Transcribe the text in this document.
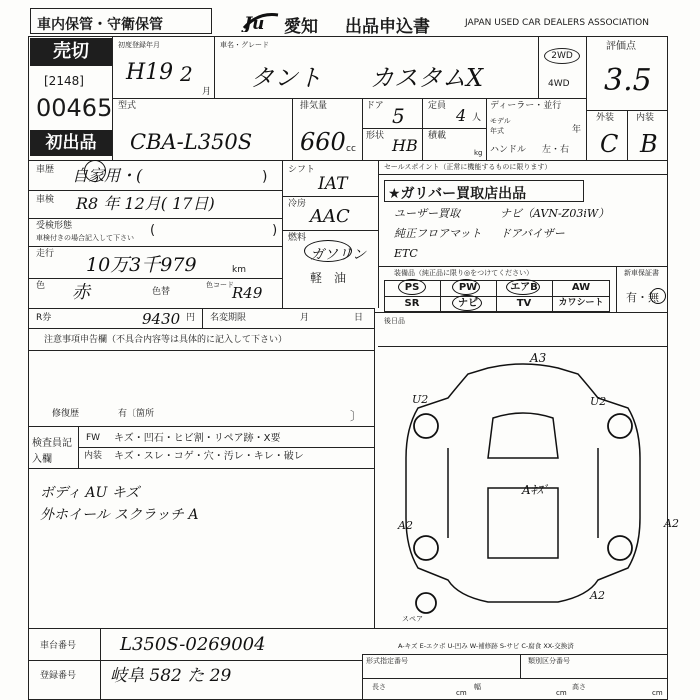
車内保管・守衛保管	Ju 愛知 出品申込書	JAPAN USED CAR DEALERS ASSOCIATION
売切
[2148]
00465
初出品
初度登録年月
H19 2
月
車名・グレード
タント　　カスタムX
2WD
4WD
評価点
3.5
外装 内装
C B
型式
CBA-L350S
排気量
660 cc
ドア 5	定員 4 人
形状 HB 積載
kg
ディーラー・並行
モデル
年式	年
ハンドル 左・右
車歴 自家用・(	)
車検 R8 年 12月( 17日)
受検形態
車検付きの場合記入して下さい (　　　　　　　　　)
走行 10万3千979	km
色 赤	色替
色コード
R49
シフト
IAT
冷房
AAC
燃料
ガソリン
軽　油
R券	9430 円 名変期限	月	日
セールスポイント（正常に機能するものに限ります）
★ガリバー買取店出品
ユーザー買取
純正フロアマット
ETC
ナビ（AVN-Z03iW）
ドアバイザー
装備品（純正品に限り◎をつけてください）
PS	PW	エアB	AW
SR	ナビ	TV	カワシート
新車保証書
有・無
後日品
注意事項申告欄（不具合内容等は具体的に記入して下さい）
修復歴	有〔箇所	〕
検査員記入欄
FW キズ・凹石・ヒビ割・リペア跡・X要
内装 キズ・スレ・コゲ・穴・汚レ・キレ・破レ
ボディ AU キズ
外ホイール スクラッチ A
A3
U2	U2
A2	A2
A2
Aｷｽﾞ
スペア
A-キズ E-エクボ U-凹み W-補修跡 S-サビ C-腐食 XX-交換済
車台番号 L350S-0269004
登録番号 岐阜 582 た 29
形式指定番号	類別区分番号
長さ
cm
幅
cm
高さ
cm
